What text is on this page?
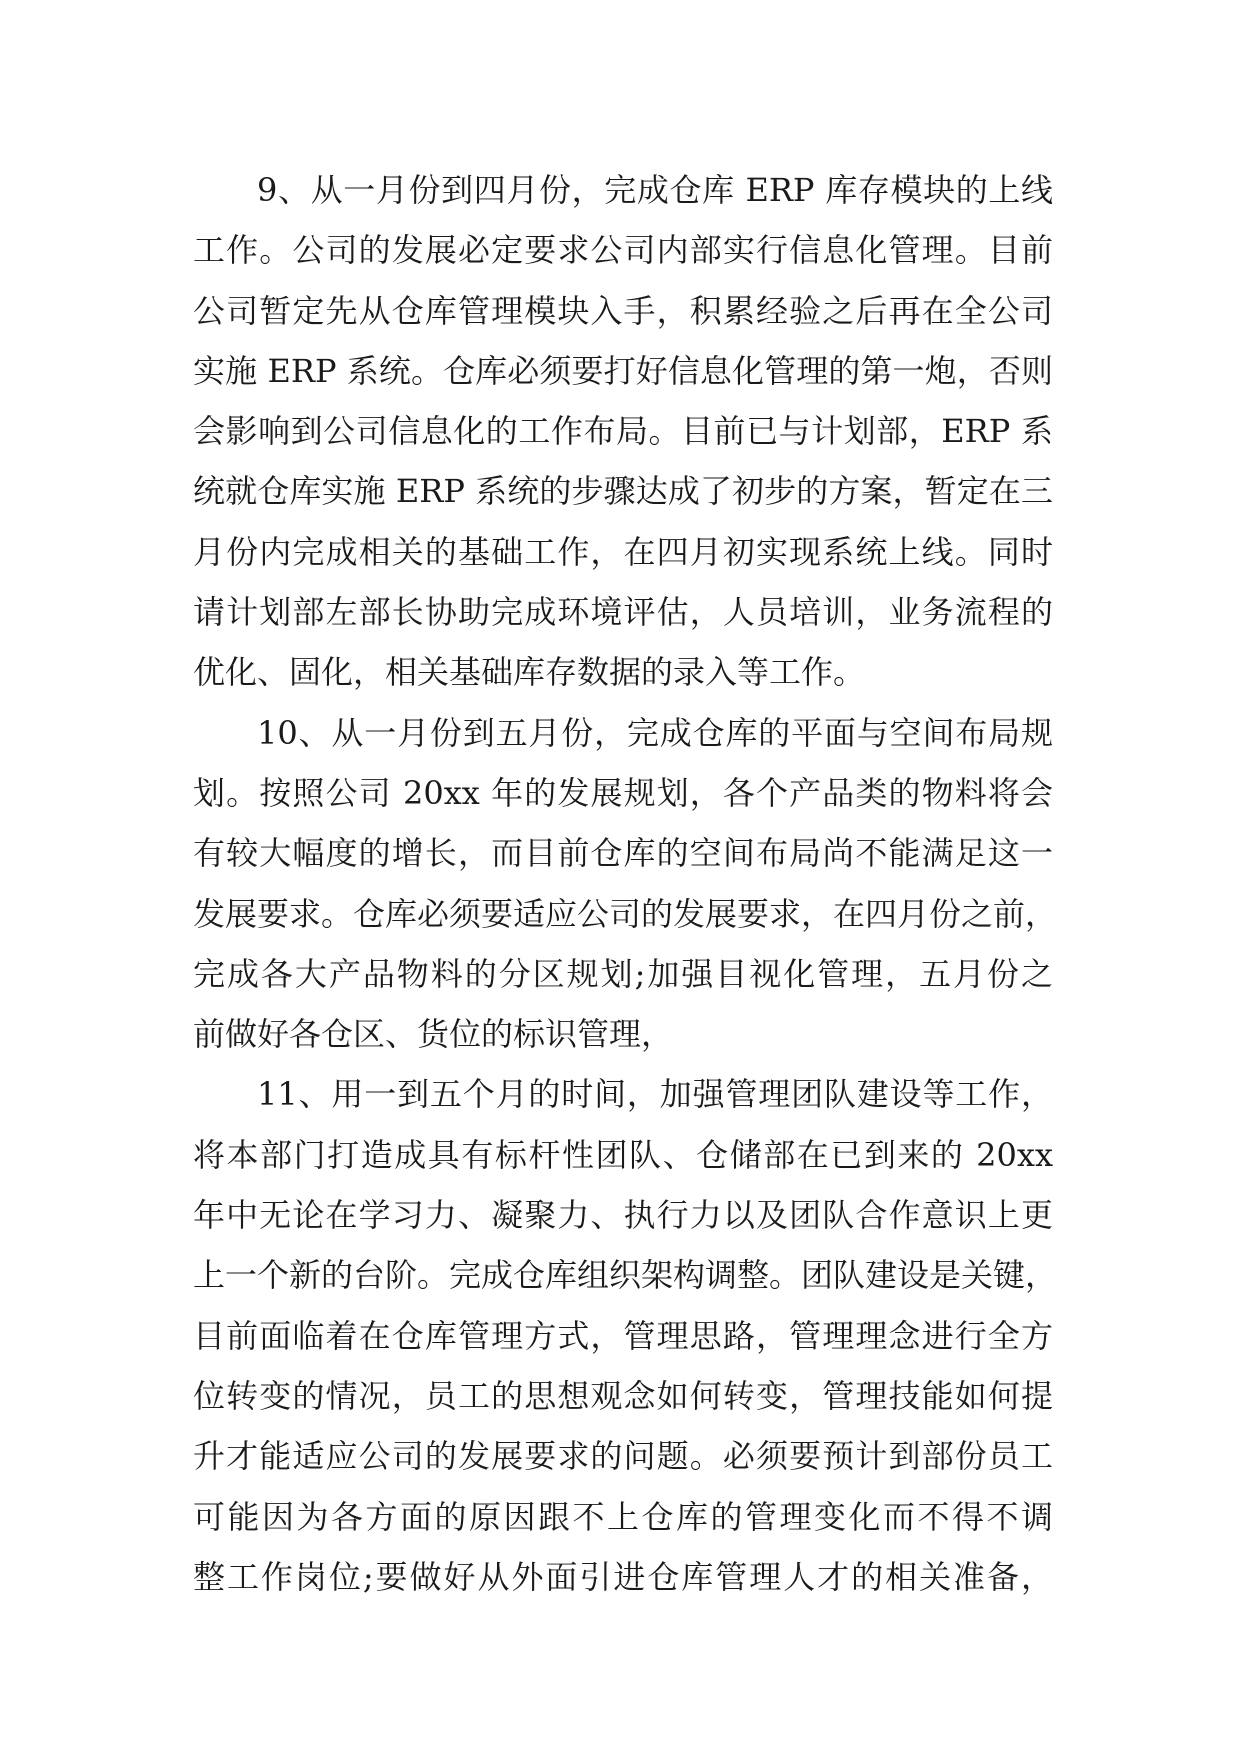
9、从一月份到四月份，完成仓库 ERP 库存模块的上线
工作。公司的发展必定要求公司内部实行信息化管理。目前
公司暂定先从仓库管理模块入手，积累经验之后再在全公司
实施 ERP 系统。仓库必须要打好信息化管理的第一炮，否则
会影响到公司信息化的工作布局。目前已与计划部，ERP 系
统就仓库实施 ERP 系统的步骤达成了初步的方案，暂定在三
月份内完成相关的基础工作，在四月初实现系统上线。同时
请计划部左部长协助完成环境评估，人员培训，业务流程的
优化、固化，相关基础库存数据的录入等工作。
10、从一月份到五月份，完成仓库的平面与空间布局规
划。按照公司 20xx 年的发展规划，各个产品类的物料将会
有较大幅度的增长，而目前仓库的空间布局尚不能满足这一
发展要求。仓库必须要适应公司的发展要求，在四月份之前，
完成各大产品物料的分区规划;加强目视化管理，五月份之
前做好各仓区、货位的标识管理，
11、用一到五个月的时间，加强管理团队建设等工作，
将本部门打造成具有标杆性团队、仓储部在已到来的 20xx
年中无论在学习力、凝聚力、执行力以及团队合作意识上更
上一个新的台阶。完成仓库组织架构调整。团队建设是关键，
目前面临着在仓库管理方式，管理思路，管理理念进行全方
位转变的情况，员工的思想观念如何转变，管理技能如何提
升才能适应公司的发展要求的问题。必须要预计到部份员工
可能因为各方面的原因跟不上仓库的管理变化而不得不调
整工作岗位;要做好从外面引进仓库管理人才的相关准备，
